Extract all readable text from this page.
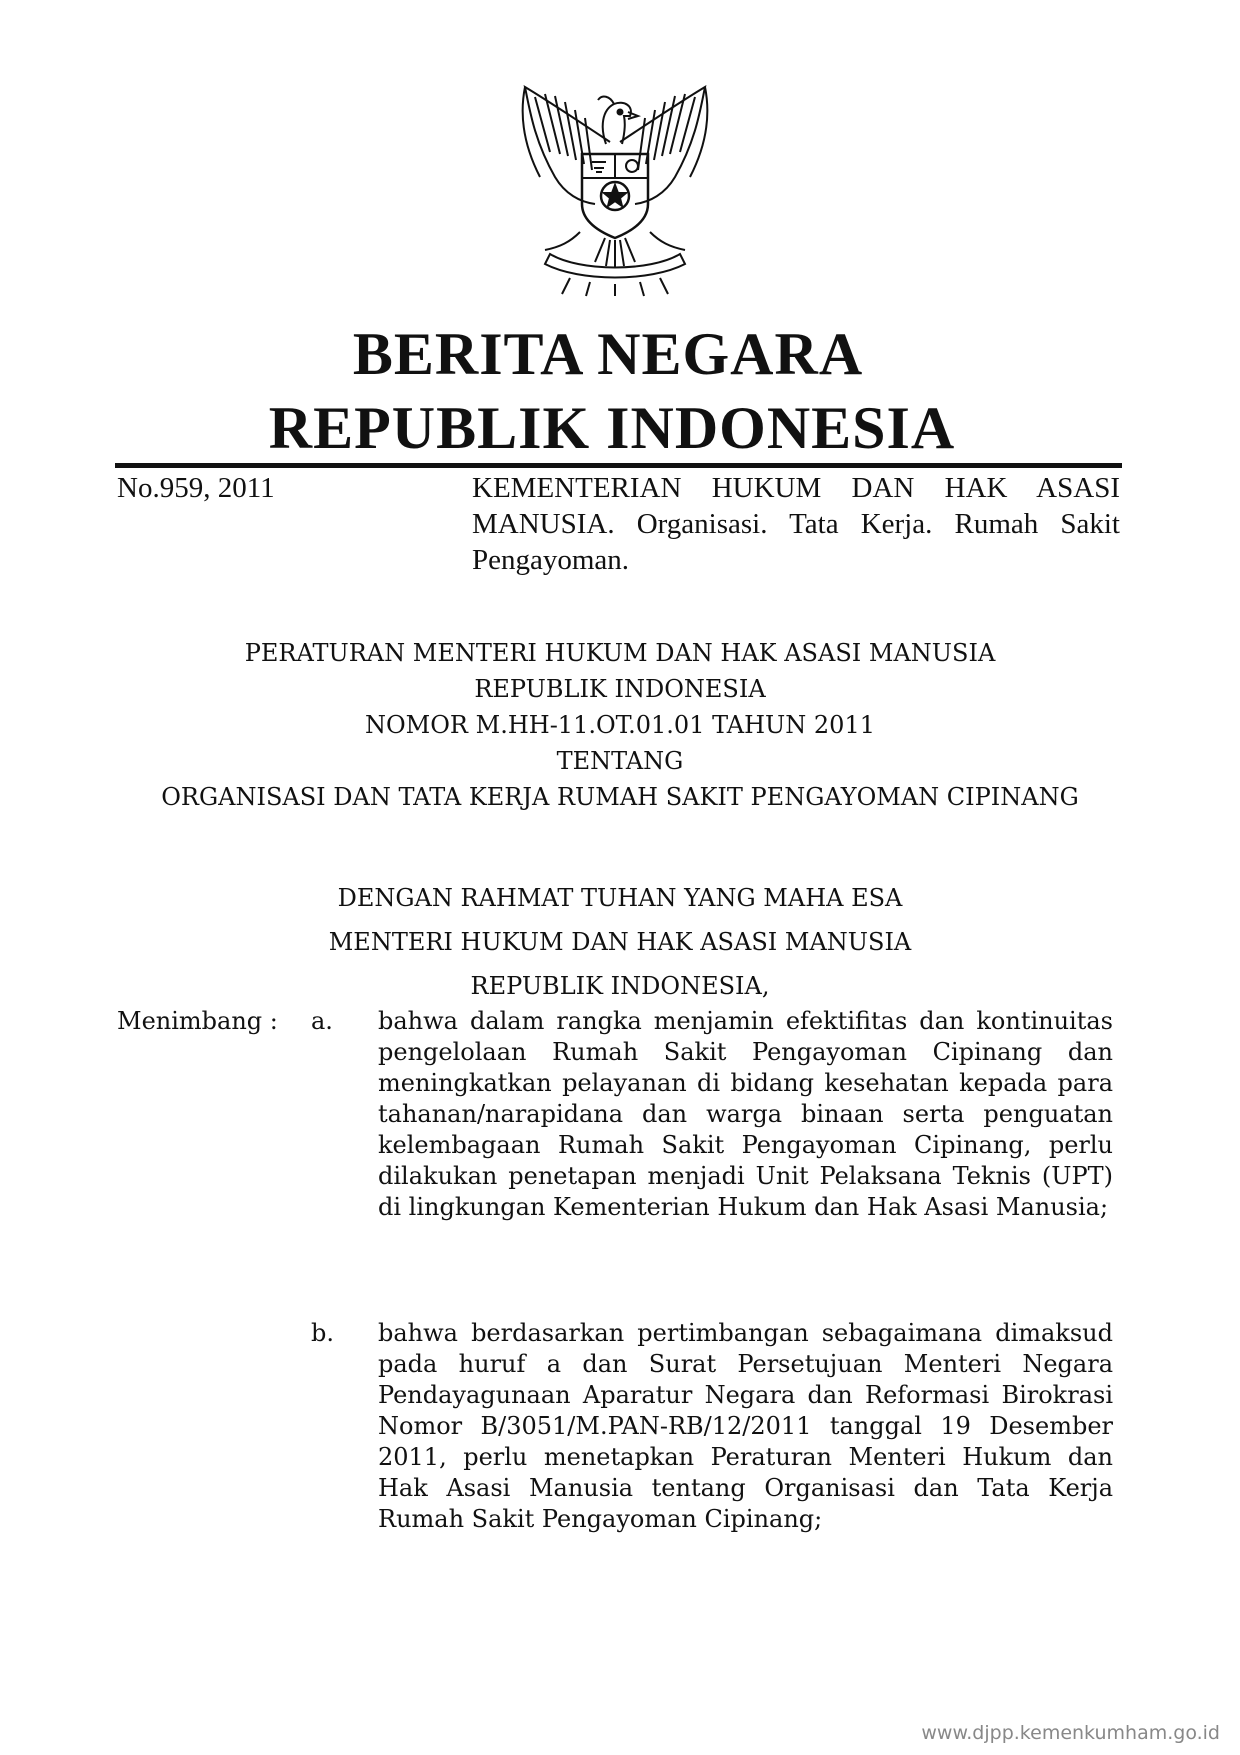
BERITA NEGARA
REPUBLIK INDONESIA
No.959, 2011	KEMENTERIAN HUKUM DAN HAK ASASI MANUSIA. Organisasi. Tata Kerja. Rumah Sakit Pengayoman.
PERATURAN MENTERI HUKUM DAN HAK ASASI MANUSIA
REPUBLIK INDONESIA
NOMOR M.HH-11.OT.01.01 TAHUN 2011
TENTANG
ORGANISASI DAN TATA KERJA RUMAH SAKIT PENGAYOMAN CIPINANG
DENGAN RAHMAT TUHAN YANG MAHA ESA
MENTERI HUKUM DAN HAK ASASI MANUSIA
REPUBLIK INDONESIA,
Menimbang : a. bahwa dalam rangka menjamin efektifitas dan kontinuitas pengelolaan Rumah Sakit Pengayoman Cipinang dan meningkatkan pelayanan di bidang kesehatan kepada para tahanan/narapidana dan warga binaan serta penguatan kelembagaan Rumah Sakit Pengayoman Cipinang, perlu dilakukan penetapan menjadi Unit Pelaksana Teknis (UPT) di lingkungan Kementerian Hukum dan Hak Asasi Manusia;
b. bahwa berdasarkan pertimbangan sebagaimana dimaksud pada huruf a dan Surat Persetujuan Menteri Negara Pendayagunaan Aparatur Negara dan Reformasi Birokrasi Nomor B/3051/M.PAN-RB/12/2011 tanggal 19 Desember 2011, perlu menetapkan Peraturan Menteri Hukum dan Hak Asasi Manusia tentang Organisasi dan Tata Kerja Rumah Sakit Pengayoman Cipinang;
www.djpp.kemenkumham.go.id
